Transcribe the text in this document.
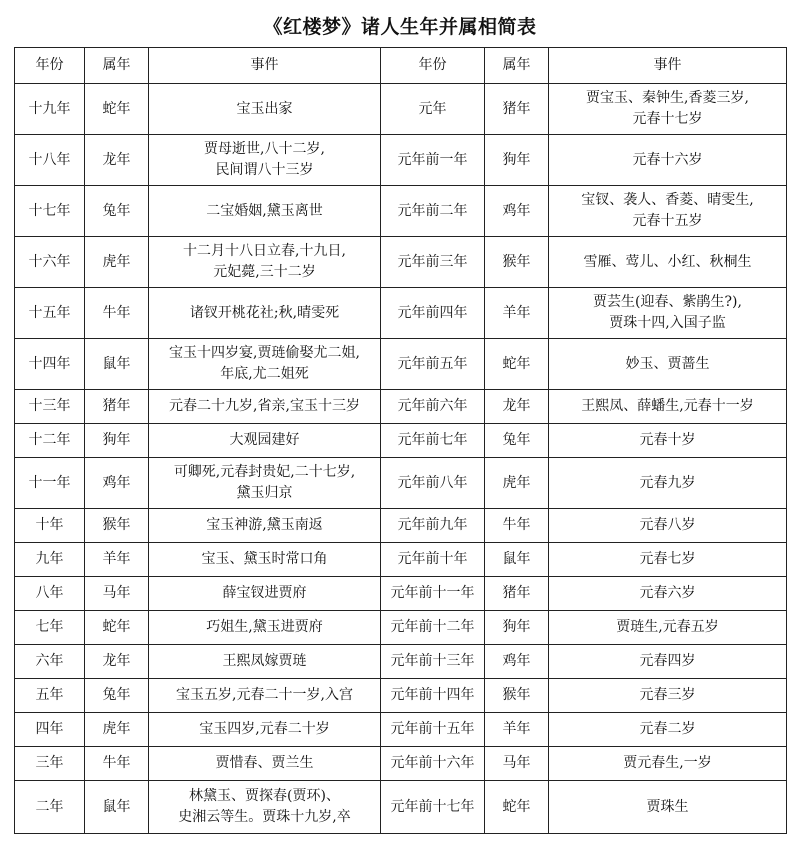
《红楼梦》诸人生年并属相简表
年份	属年	事件	年份	属年	事件
十九年	蛇年	宝玉出家	元年	猪年	贾宝玉、秦钟生,香菱三岁,
元春十七岁
十八年	龙年	贾母逝世,八十二岁,
民间谓八十三岁	元年前一年	狗年	元春十六岁
十七年	兔年	二宝婚姻,黛玉离世	元年前二年	鸡年	宝钗、袭人、香菱、晴雯生,
元春十五岁
十六年	虎年	十二月十八日立春,十九日,
元妃薨,三十二岁	元年前三年	猴年	雪雁、莺儿、小红、秋桐生
十五年	牛年	诸钗开桃花社;秋,晴雯死	元年前四年	羊年	贾芸生(迎春、紫鹃生?),
贾珠十四,入国子监
十四年	鼠年	宝玉十四岁宴,贾琏偷娶尤二姐,
年底,尤二姐死	元年前五年	蛇年	妙玉、贾蔷生
十三年	猪年	元春二十九岁,省亲,宝玉十三岁	元年前六年	龙年	王熙凤、薛蟠生,元春十一岁
十二年	狗年	大观园建好	元年前七年	兔年	元春十岁
十一年	鸡年	可卿死,元春封贵妃,二十七岁,
黛玉归京	元年前八年	虎年	元春九岁
十年	猴年	宝玉神游,黛玉南返	元年前九年	牛年	元春八岁
九年	羊年	宝玉、黛玉时常口角	元年前十年	鼠年	元春七岁
八年	马年	薛宝钗进贾府	元年前十一年	猪年	元春六岁
七年	蛇年	巧姐生,黛玉进贾府	元年前十二年	狗年	贾琏生,元春五岁
六年	龙年	王熙凤嫁贾琏	元年前十三年	鸡年	元春四岁
五年	兔年	宝玉五岁,元春二十一岁,入宫	元年前十四年	猴年	元春三岁
四年	虎年	宝玉四岁,元春二十岁	元年前十五年	羊年	元春二岁
三年	牛年	贾惜春、贾兰生	元年前十六年	马年	贾元春生,一岁
二年	鼠年	林黛玉、贾探春(贾环)、
史湘云等生。贾珠十九岁,卒	元年前十七年	蛇年	贾珠生
